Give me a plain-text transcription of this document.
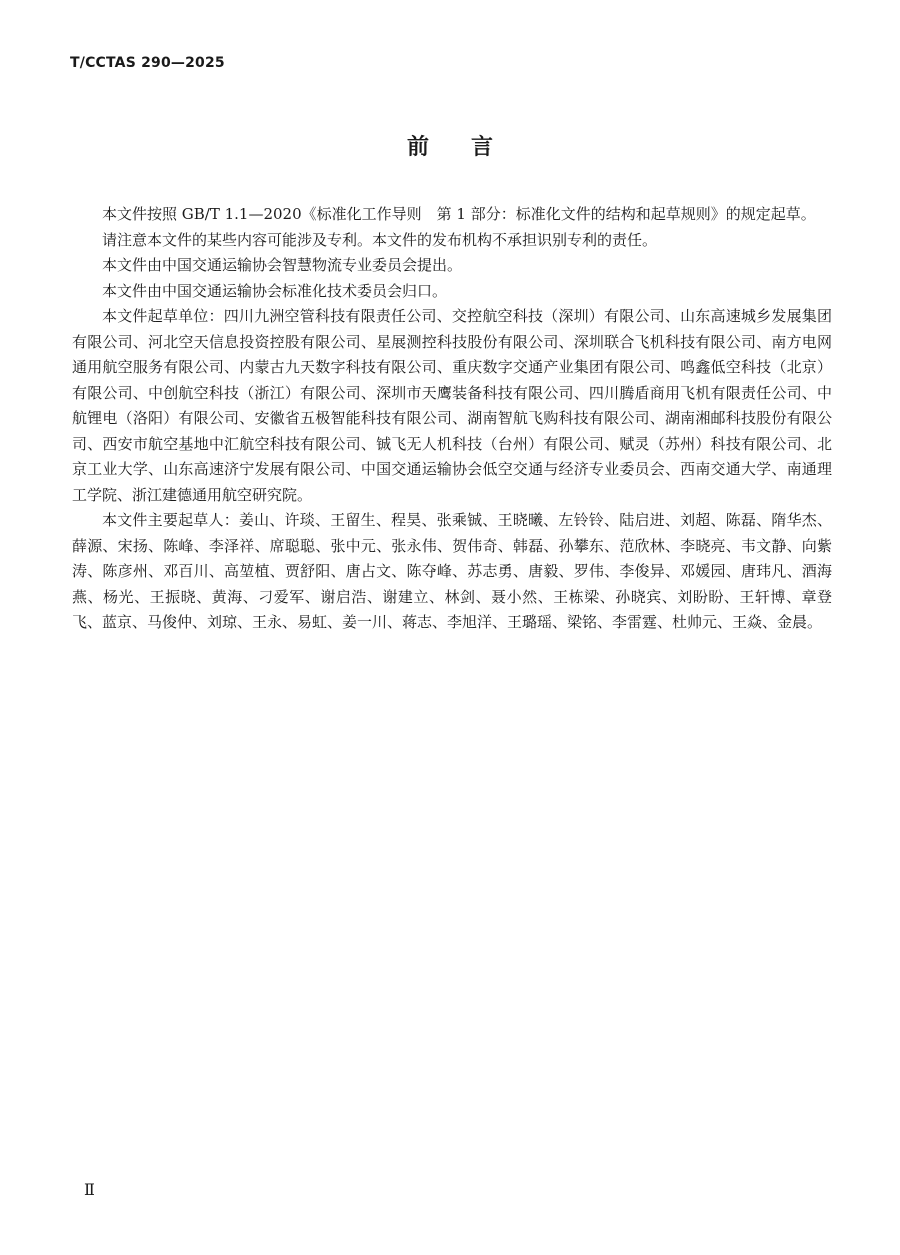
T/CCTAS 290—2025
前言

本文件按照 GB/T 1.1—2020《标准化工作导则　第 1 部分：标准化文件的结构和起草规则》的规定起草。

请注意本文件的某些内容可能涉及专利。本文件的发布机构不承担识别专利的责任。

本文件由中国交通运输协会智慧物流专业委员会提出。

本文件由中国交通运输协会标准化技术委员会归口。

本文件起草单位：四川九洲空管科技有限责任公司、交控航空科技（深圳）有限公司、山东高速城乡发展集团有限公司、河北空天信息投资控股有限公司、星展测控科技股份有限公司、深圳联合飞机科技有限公司、南方电网通用航空服务有限公司、内蒙古九天数字科技有限公司、重庆数字交通产业集团有限公司、鸣鑫低空科技（北京）有限公司、中创航空科技（浙江）有限公司、深圳市天鹰装备科技有限公司、四川腾盾商用飞机有限责任公司、中航锂电（洛阳）有限公司、安徽省五极智能科技有限公司、湖南智航飞购科技有限公司、湖南湘邮科技股份有限公司、西安市航空基地中汇航空科技有限公司、铖飞无人机科技（台州）有限公司、赋灵（苏州）科技有限公司、北京工业大学、山东高速济宁发展有限公司、中国交通运输协会低空交通与经济专业委员会、西南交通大学、南通理工学院、浙江建德通用航空研究院。

本文件主要起草人：姜山、许琰、王留生、程昊、张乘铖、王晓曦、左铃铃、陆启进、刘超、陈磊、隋华杰、薛源、宋扬、陈峰、李泽祥、席聪聪、张中元、张永伟、贺伟奇、韩磊、孙攀东、范欣林、李晓亮、韦文静、向紫涛、陈彦州、邓百川、高堃植、贾舒阳、唐占文、陈夺峰、苏志勇、唐毅、罗伟、李俊异、邓媛园、唐玮凡、酒海燕、杨光、王振晓、黄海、刁爱军、谢启浩、谢建立、林剑、聂小然、王栋梁、孙晓宾、刘盼盼、王轩博、章登飞、蓝京、马俊仲、刘琼、王永、易虹、姜一川、蒋志、李旭洋、王璐瑶、梁铭、李雷霆、杜帅元、王焱、金晨。

Ⅱ
